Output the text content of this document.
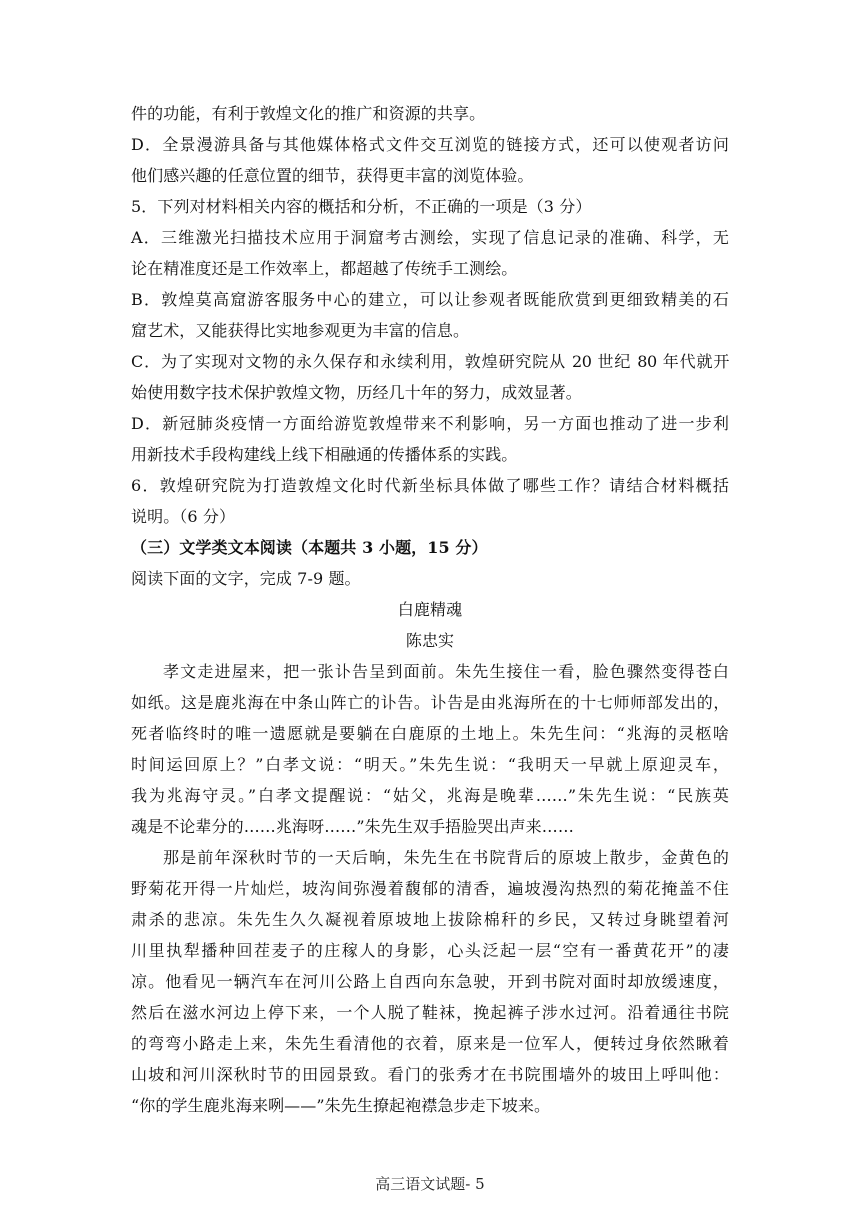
件的功能，有利于敦煌文化的推广和资源的共享。
D．全景漫游具备与其他媒体格式文件交互浏览的链接方式，还可以使观者访问
他们感兴趣的任意位置的细节，获得更丰富的浏览体验。
5．下列对材料相关内容的概括和分析，不正确的一项是（3 分）
A．三维激光扫描技术应用于洞窟考古测绘，实现了信息记录的准确、科学，无
论在精准度还是工作效率上，都超越了传统手工测绘。
B．敦煌莫高窟游客服务中心的建立，可以让参观者既能欣赏到更细致精美的石
窟艺术，又能获得比实地参观更为丰富的信息。
C．为了实现对文物的永久保存和永续利用，敦煌研究院从 20 世纪 80 年代就开
始使用数字技术保护敦煌文物，历经几十年的努力，成效显著。
D．新冠肺炎疫情一方面给游览敦煌带来不利影响，另一方面也推动了进一步利
用新技术手段构建线上线下相融通的传播体系的实践。
6．敦煌研究院为打造敦煌文化时代新坐标具体做了哪些工作？请结合材料概括
说明。（6 分）
（三）文学类文本阅读（本题共 3 小题，15 分）
阅读下面的文字，完成 7-9 题。
白鹿精魂
陈忠实
孝文走进屋来，把一张讣告呈到面前。朱先生接住一看，脸色骤然变得苍白
如纸。这是鹿兆海在中条山阵亡的讣告。讣告是由兆海所在的十七师师部发出的，
死者临终时的唯一遗愿就是要躺在白鹿原的土地上。朱先生问：“兆海的灵柩啥
时间运回原上？”白孝文说：“明天。”朱先生说：“我明天一早就上原迎灵车，
我为兆海守灵。”白孝文提醒说：“姑父，兆海是晚辈……”朱先生说：“民族英
魂是不论辈分的……兆海呀……”朱先生双手捂脸哭出声来……
那是前年深秋时节的一天后晌，朱先生在书院背后的原坡上散步，金黄色的
野菊花开得一片灿烂，坡沟间弥漫着馥郁的清香，遍坡漫沟热烈的菊花掩盖不住
肃杀的悲凉。朱先生久久凝视着原坡地上拔除棉秆的乡民，又转过身眺望着河
川里执犁播种回茬麦子的庄稼人的身影，心头泛起一层“空有一番黄花开”的凄
凉。他看见一辆汽车在河川公路上自西向东急驶，开到书院对面时却放缓速度，
然后在滋水河边上停下来，一个人脱了鞋袜，挽起裤子涉水过河。沿着通往书院
的弯弯小路走上来，朱先生看清他的衣着，原来是一位军人，便转过身依然瞅着
山坡和河川深秋时节的田园景致。看门的张秀才在书院围墙外的坡田上呼叫他：
“你的学生鹿兆海来咧——”朱先生撩起袍襟急步走下坡来。
高三语文试题- 5
